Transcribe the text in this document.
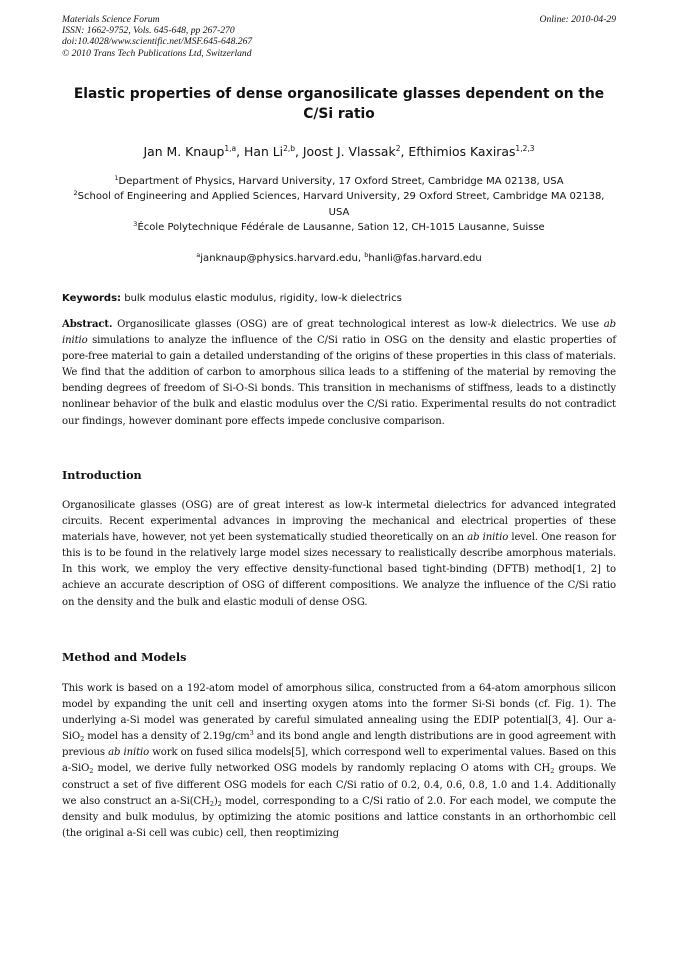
Materials Science Forum
ISSN: 1662-9752, Vols. 645-648, pp 267-270
doi:10.4028/www.scientific.net/MSF.645-648.267
© 2010 Trans Tech Publications Ltd, Switzerland
Online: 2010-04-29
Elastic properties of dense organosilicate glasses dependent on the C/Si ratio
Jan M. Knaup$^{1,a}$, Han Li$^{2,b}$, Joost J. Vlassak$^2$, Efthimios Kaxiras$^{1,2,3}$
$^1$Department of Physics, Harvard University, 17 Oxford Street, Cambridge MA 02138, USA
$^2$School of Engineering and Applied Sciences, Harvard University, 29 Oxford Street, Cambridge MA 02138, USA
$^3$École Polytechnique Fédérale de Lausanne, Sation 12, CH-1015 Lausanne, Suisse
$^a$janknaup@physics.harvard.edu, $^b$hanli@fas.harvard.edu
Keywords: bulk modulus elastic modulus, rigidity, low-k dielectrics
Abstract. Organosilicate glasses (OSG) are of great technological interest as low-k dielectrics. We use ab initio simulations to analyze the influence of the C/Si ratio in OSG on the density and elastic properties of pore-free material to gain a detailed understanding of the origins of these properties in this class of materials. We find that the addition of carbon to amorphous silica leads to a stiffening of the material by removing the bending degrees of freedom of Si-O-Si bonds. This transition in mechanisms of stiffness, leads to a distinctly nonlinear behavior of the bulk and elastic modulus over the C/Si ratio. Experimental results do not contradict our findings, however dominant pore effects impede conclusive comparison.
Introduction
Organosilicate glasses (OSG) are of great interest as low-k intermetal dielectrics for advanced integrated circuits. Recent experimental advances in improving the mechanical and electrical properties of these materials have, however, not yet been systematically studied theoretically on an ab initio level. One reason for this is to be found in the relatively large model sizes necessary to realistically describe amorphous materials. In this work, we employ the very effective density-functional based tight-binding (DFTB) method[1, 2] to achieve an accurate description of OSG of different compositions. We analyze the influence of the C/Si ratio on the density and the bulk and elastic moduli of dense OSG.
Method and Models
This work is based on a 192-atom model of amorphous silica, constructed from a 64-atom amorphous silicon model by expanding the unit cell and inserting oxygen atoms into the former Si-Si bonds (cf. Fig. 1). The underlying a-Si model was generated by careful simulated annealing using the EDIP potential[3, 4]. Our a-SiO$_2$ model has a density of $2.19g/cm^3$ and its bond angle and length distributions are in good agreement with previous ab initio work on fused silica models[5], which correspond well to experimental values. Based on this a-SiO$_2$ model, we derive fully networked OSG models by randomly replacing O atoms with $CH_2$ groups. We construct a set of five different OSG models for each C/Si ratio of 0.2, 0.4, 0.6, 0.8, 1.0 and 1.4. Additionally we also construct an $a-Si(CH_2)_2$ model, corresponding to a C/Si ratio of 2.0. For each model, we compute the density and bulk modulus, by optimizing the atomic positions and lattice constants in an orthorhombic cell (the original a-Si cell was cubic) cell, then reoptimizing
